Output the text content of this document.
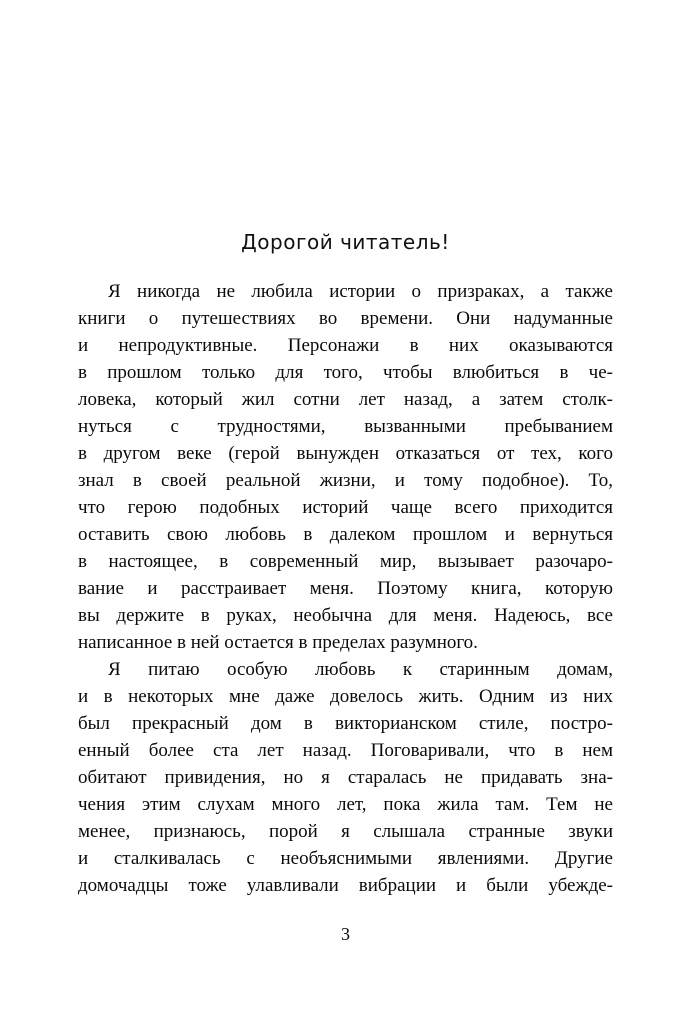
Дорогой читатель!
Я никогда не любила истории о призраках, а также
книги о путешествиях во времени. Они надуманные
и непродуктивные. Персонажи в них оказываются
в прошлом только для того, чтобы влюбиться в че-
ловека, который жил сотни лет назад, а затем столк-
нуться с трудностями, вызванными пребыванием
в другом веке (герой вынужден отказаться от тех, кого
знал в своей реальной жизни, и тому подобное). То,
что герою подобных историй чаще всего приходится
оставить свою любовь в далеком прошлом и вернуться
в настоящее, в современный мир, вызывает разочаро-
вание и расстраивает меня. Поэтому книга, которую
вы держите в руках, необычна для меня. Надеюсь, все
написанное в ней остается в пределах разумного.
Я питаю особую любовь к старинным домам,
и в некоторых мне даже довелось жить. Одним из них
был прекрасный дом в викторианском стиле, постро-
енный более ста лет назад. Поговаривали, что в нем
обитают привидения, но я старалась не придавать зна-
чения этим слухам много лет, пока жила там. Тем не
менее, признаюсь, порой я слышала странные звуки
и сталкивалась с необъяснимыми явлениями. Другие
домочадцы тоже улавливали вибрации и были убежде-
3
